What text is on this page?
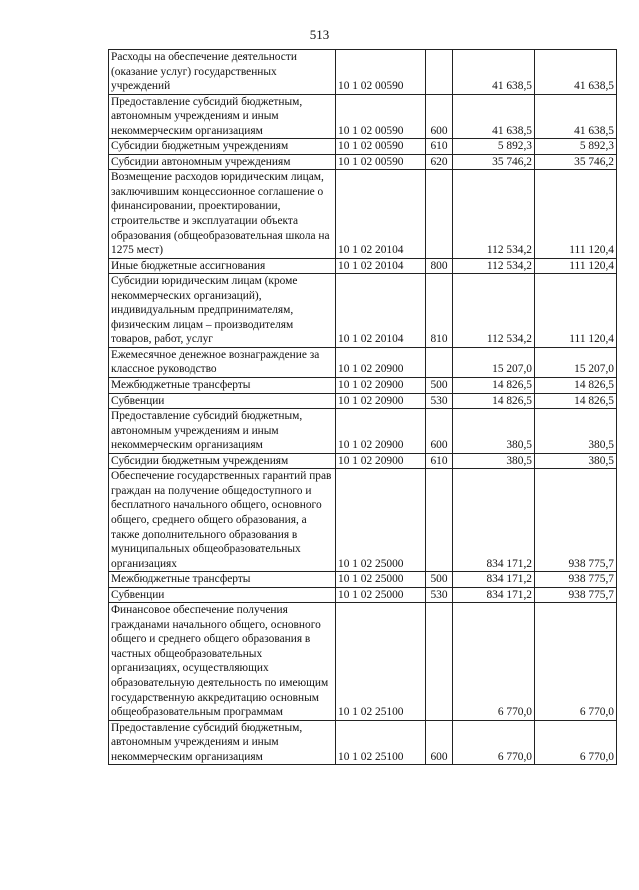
513
Расходы на обеспечение деятельности (оказание услуг) государственных учреждений	10 1 02 00590		41 638,5	41 638,5
Предоставление субсидий бюджетным, автономным учреждениям и иным некоммерческим организациям	10 1 02 00590	600	41 638,5	41 638,5
Субсидии бюджетным учреждениям	10 1 02 00590	610	5 892,3	5 892,3
Субсидии автономным учреждениям	10 1 02 00590	620	35 746,2	35 746,2
Возмещение расходов юридическим лицам, заключившим концессионное соглашение о финансировании, проектировании, строительстве и эксплуатации объекта образования (общеобразовательная школа на 1275 мест)	10 1 02 20104		112 534,2	111 120,4
Иные бюджетные ассигнования	10 1 02 20104	800	112 534,2	111 120,4
Субсидии юридическим лицам (кроме некоммерческих организаций), индивидуальным предпринимателям, физическим лицам – производителям товаров, работ, услуг	10 1 02 20104	810	112 534,2	111 120,4
Ежемесячное денежное вознаграждение за классное руководство	10 1 02 20900		15 207,0	15 207,0
Межбюджетные трансферты	10 1 02 20900	500	14 826,5	14 826,5
Субвенции	10 1 02 20900	530	14 826,5	14 826,5
Предоставление субсидий бюджетным, автономным учреждениям и иным некоммерческим организациям	10 1 02 20900	600	380,5	380,5
Субсидии бюджетным учреждениям	10 1 02 20900	610	380,5	380,5
Обеспечение государственных гарантий прав граждан на получение общедоступного и бесплатного начального общего, основного общего, среднего общего образования, а также дополнительного образования в муниципальных общеобразовательных организациях	10 1 02 25000		834 171,2	938 775,7
Межбюджетные трансферты	10 1 02 25000	500	834 171,2	938 775,7
Субвенции	10 1 02 25000	530	834 171,2	938 775,7
Финансовое обеспечение получения гражданами начального общего, основного общего и среднего общего образования в частных общеобразовательных организациях, осуществляющих образовательную деятельность по имеющим государственную аккредитацию основным общеобразовательным программам	10 1 02 25100		6 770,0	6 770,0
Предоставление субсидий бюджетным, автономным учреждениям и иным некоммерческим организациям	10 1 02 25100	600	6 770,0	6 770,0
